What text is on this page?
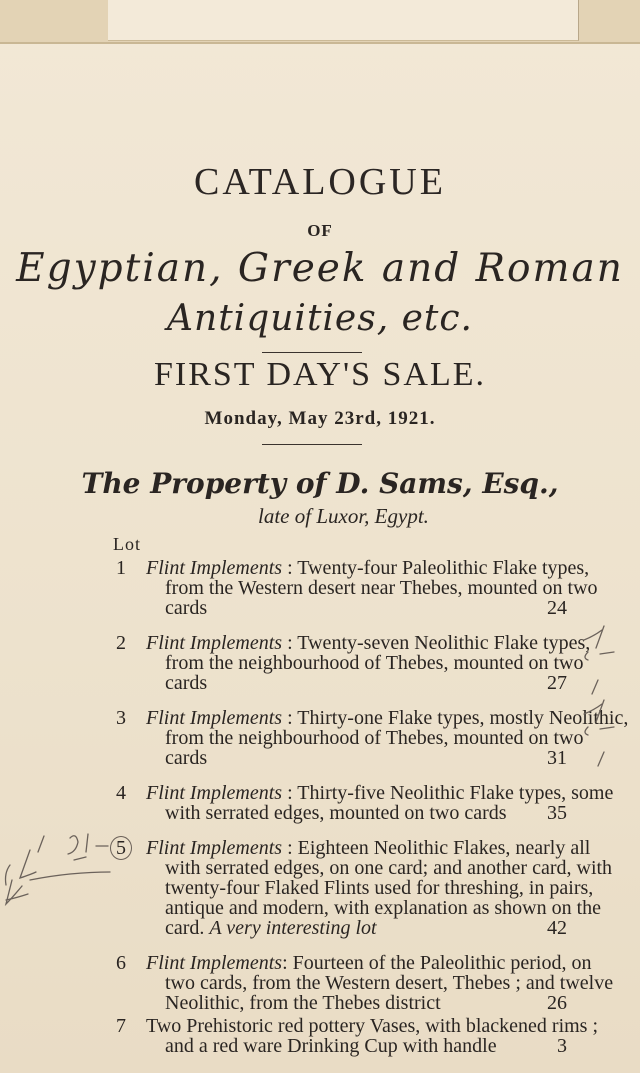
CATALOGUE
OF
Egyptian, Greek and Roman
Antiquities, etc.
FIRST DAY'S SALE.
Monday, May 23rd, 1921.
The Property of D. Sams, Esq.,
late of Luxor, Egypt.
Lot
1 Flint Implements : Twenty-four Paleolithic Flake types,
from the Western desert near Thebes, mounted on two
cards	24
2 Flint Implements : Twenty-seven Neolithic Flake types,
from the neighbourhood of Thebes, mounted on two
cards	27
3 Flint Implements : Thirty-one Flake types, mostly Neolithic,
from the neighbourhood of Thebes, mounted on two
cards	31
4 Flint Implements : Thirty-five Neolithic Flake types, some
with serrated edges, mounted on two cards 35
5	Flint Implements : Eighteen Neolithic Flakes, nearly all
with serrated edges, on one card; and another card, with
twenty-four Flaked Flints used for threshing, in pairs,
antique and modern, with explanation as shown on the
card. A very interesting lot	42
6 Flint Implements: Fourteen of the Paleolithic period, on
two cards, from the Western desert, Thebes ; and twelve
Neolithic, from the Thebes district	26
7 Two Prehistoric red pottery Vases, with blackened rims ;
and a red ware Drinking Cup with handle	3
